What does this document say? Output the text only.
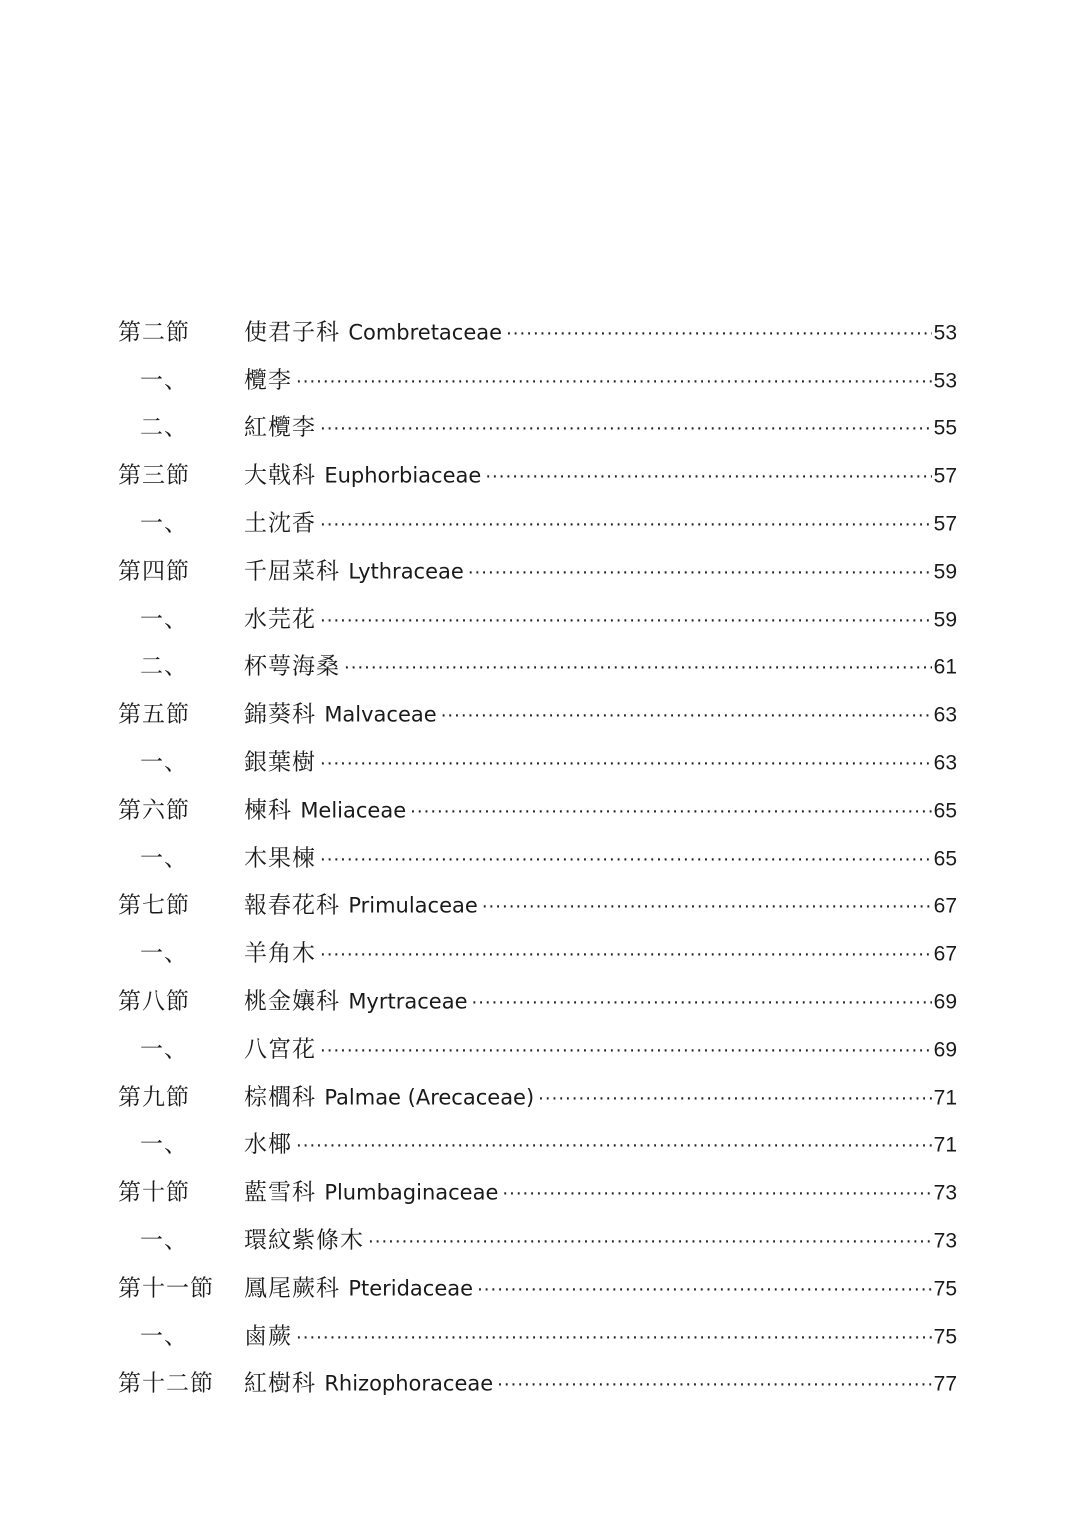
第二節 使君子科 Combretaceae ·····	53
一、 欖李 ·····	53
二、 紅欖李 ·····	55
第三節 大戟科 Euphorbiaceae ·····	57
一、 土沈香 ·····	57
第四節 千屈菜科 Lythraceae ·····	59
一、 水芫花 ·····	59
二、 杯萼海桑 ·····	61
第五節 錦葵科 Malvaceae ·····	63
一、 銀葉樹 ·····	63
第六節 楝科 Meliaceae ·····	65
一、 木果楝 ·····	65
第七節 報春花科 Primulaceae ·····	67
一、 羊角木 ·····	67
第八節 桃金孃科 Myrtraceae ·····	69
一、 八宮花 ·····	69
第九節 棕櫚科 Palmae (Arecaceae) ·····	71
一、 水椰 ·····	71
第十節 藍雪科 Plumbaginaceae ·····	73
一、 環紋紫條木 ·····	73
第十一節 鳳尾蕨科 Pteridaceae ·····	75
一、 鹵蕨 ·····	75
第十二節 紅樹科 Rhizophoraceae ·····	77
